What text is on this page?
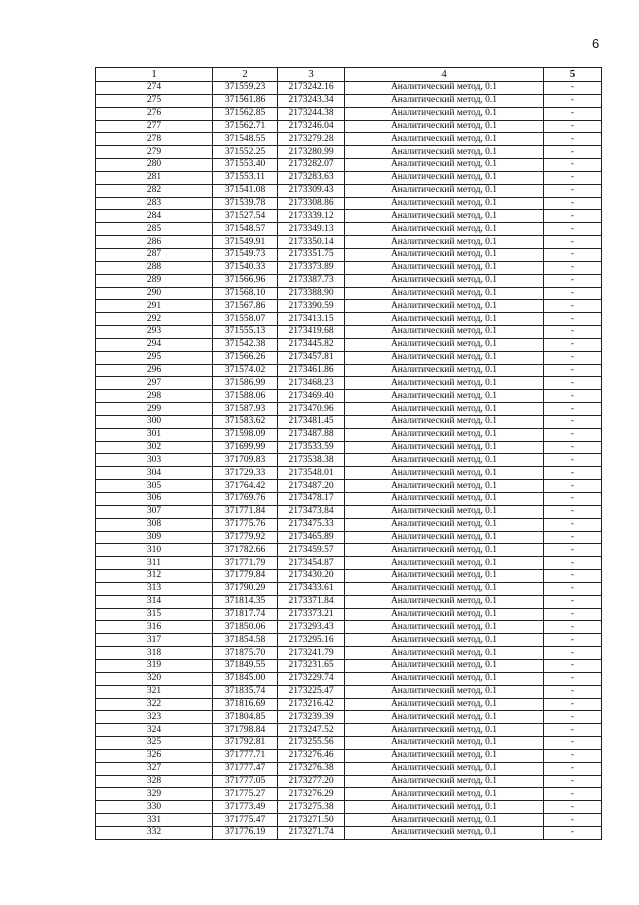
6
1	2	3	4	5
274	371559.23	2173242.16	Аналитический метод, 0.1	-
275	371561.86	2173243.34	Аналитический метод, 0.1	-
276	371562.85	2173244.38	Аналитический метод, 0.1	-
277	371562.71	2173246.04	Аналитический метод, 0.1	-
278	371548.55	2173279.28	Аналитический метод, 0.1	-
279	371552.25	2173280.99	Аналитический метод, 0.1	-
280	371553.40	2173282.07	Аналитический метод, 0.1	-
281	371553.11	2173283.63	Аналитический метод, 0.1	-
282	371541.08	2173309.43	Аналитический метод, 0.1	-
283	371539.78	2173308.86	Аналитический метод, 0.1	-
284	371527.54	2173339.12	Аналитический метод, 0.1	-
285	371548.57	2173349.13	Аналитический метод, 0.1	-
286	371549.91	2173350.14	Аналитический метод, 0.1	-
287	371549.73	2173351.75	Аналитический метод, 0.1	-
288	371540.33	2173373.89	Аналитический метод, 0.1	-
289	371566.96	2173387.73	Аналитический метод, 0.1	-
290	371568.10	2173388.90	Аналитический метод, 0.1	-
291	371567.86	2173390.59	Аналитический метод, 0.1	-
292	371558.07	2173413.15	Аналитический метод, 0.1	-
293	371555.13	2173419.68	Аналитический метод, 0.1	-
294	371542.38	2173445.82	Аналитический метод, 0.1	-
295	371566.26	2173457.81	Аналитический метод, 0.1	-
296	371574.02	2173461.86	Аналитический метод, 0.1	-
297	371586.99	2173468.23	Аналитический метод, 0.1	-
298	371588.06	2173469.40	Аналитический метод, 0.1	-
299	371587.93	2173470.96	Аналитический метод, 0.1	-
300	371583.62	2173481.45	Аналитический метод, 0.1	-
301	371598.09	2173487.88	Аналитический метод, 0.1	-
302	371699.99	2173533.59	Аналитический метод, 0.1	-
303	371709.83	2173538.38	Аналитический метод, 0.1	-
304	371729.33	2173548.01	Аналитический метод, 0.1	-
305	371764.42	2173487.20	Аналитический метод, 0.1	-
306	371769.76	2173478.17	Аналитический метод, 0.1	-
307	371771.84	2173473.84	Аналитический метод, 0.1	-
308	371775.76	2173475.33	Аналитический метод, 0.1	-
309	371779.92	2173465.89	Аналитический метод, 0.1	-
310	371782.66	2173459.57	Аналитический метод, 0.1	-
311	371771.79	2173454.87	Аналитический метод, 0.1	-
312	371779.84	2173430.20	Аналитический метод, 0.1	-
313	371790.29	2173433.61	Аналитический метод, 0.1	-
314	371814.35	2173371.84	Аналитический метод, 0.1	-
315	371817.74	2173373.21	Аналитический метод, 0.1	-
316	371850.06	2173293.43	Аналитический метод, 0.1	-
317	371854.58	2173295.16	Аналитический метод, 0.1	-
318	371875.70	2173241.79	Аналитический метод, 0.1	-
319	371849.55	2173231.65	Аналитический метод, 0.1	-
320	371845.00	2173229.74	Аналитический метод, 0.1	-
321	371835.74	2173225.47	Аналитический метод, 0.1	-
322	371816.69	2173216.42	Аналитический метод, 0.1	-
323	371804.85	2173239.39	Аналитический метод, 0.1	-
324	371798.84	2173247.52	Аналитический метод, 0.1	-
325	371792.81	2173255.56	Аналитический метод, 0.1	-
326	371777.71	2173276.46	Аналитический метод, 0.1	-
327	371777.47	2173276.38	Аналитический метод, 0.1	-
328	371777.05	2173277.20	Аналитический метод, 0.1	-
329	371775.27	2173276.29	Аналитический метод, 0.1	-
330	371773.49	2173275.38	Аналитический метод, 0.1	-
331	371775.47	2173271.50	Аналитический метод, 0.1	-
332	371776.19	2173271.74	Аналитический метод, 0.1	-
